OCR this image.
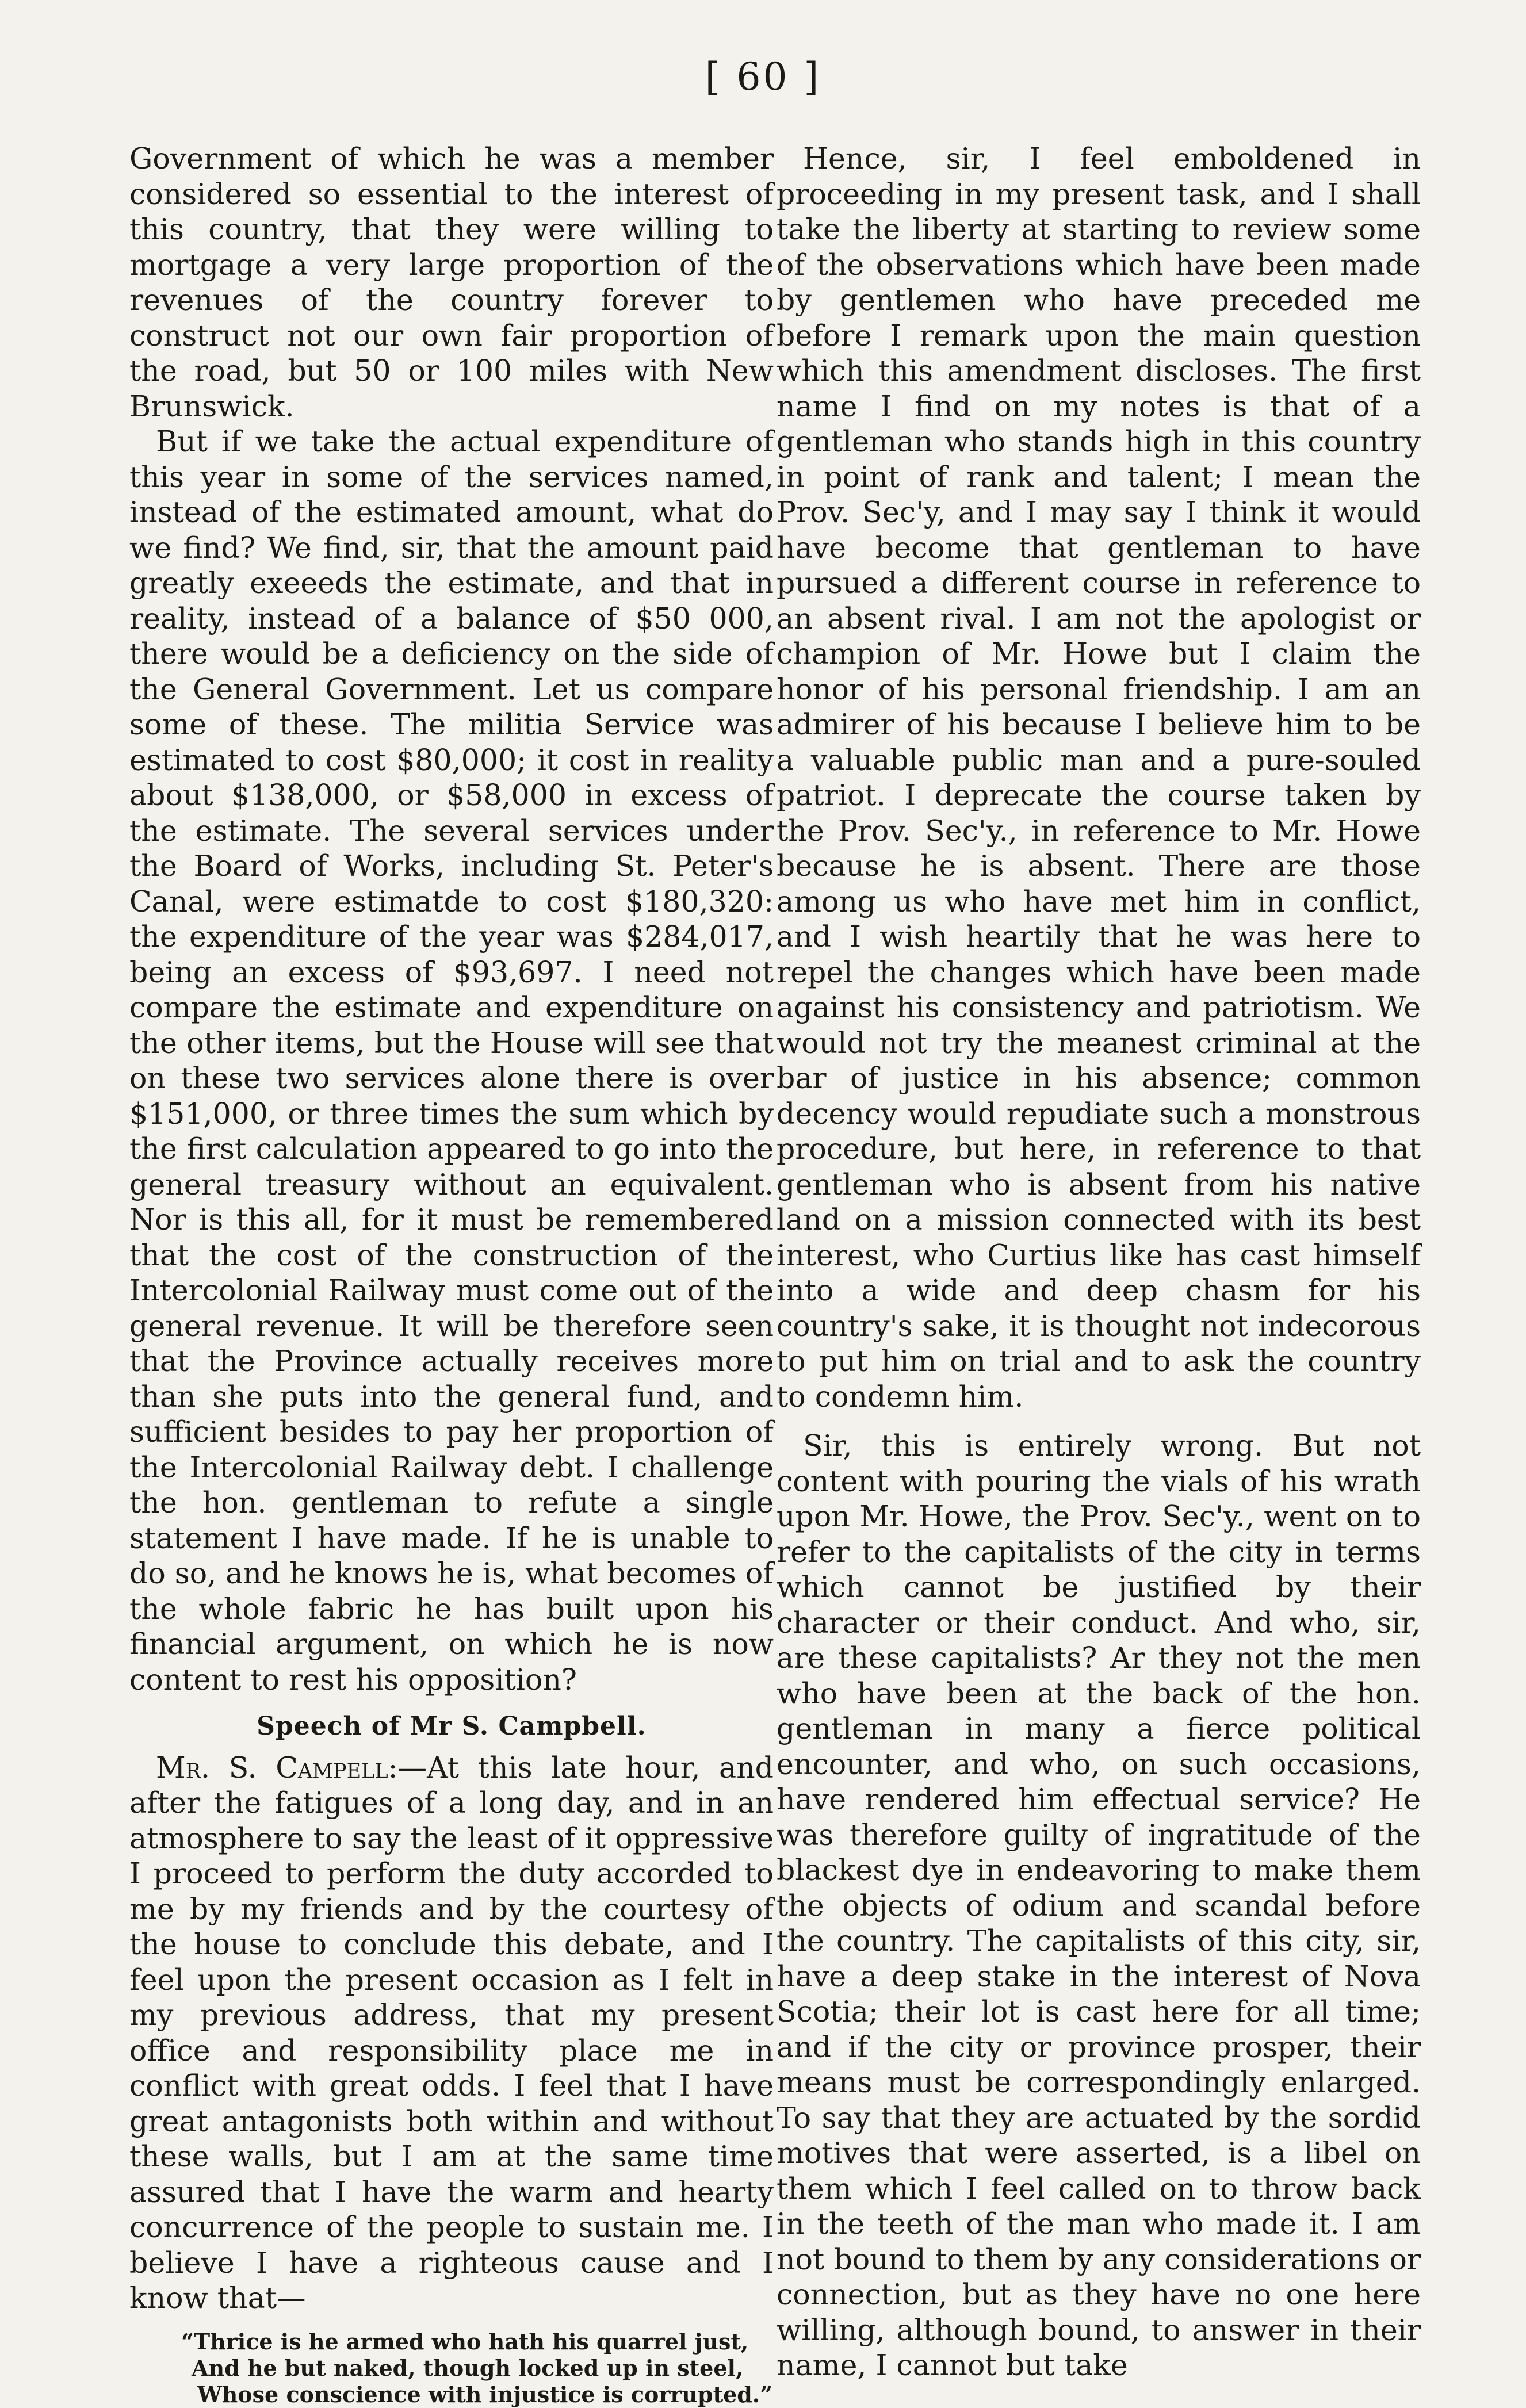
[ 60 ]

Government of which he was a member considered so essential to the interest of this country, that they were willing to mortgage a very large proportion of the revenues of the country forever to construct not our own fair proportion of the road, but 50 or 100 miles with New Brunswick.

But if we take the actual expenditure of this year in some of the services named, instead of the estimated amount, what do we find? We find, sir, that the amount paid greatly exeeeds the estimate, and that in reality, instead of a balance of $50 000, there would be a deficiency on the side of the General Government. Let us compare some of these. The militia Service was estimated to cost $80,000; it cost in reality about $138,000, or $58,000 in excess of the estimate. The several services under the Board of Works, including St. Peter's Canal, were estimatde to cost $180,320: the expenditure of the year was $284,017, being an excess of $93,697. I need not compare the estimate and expenditure on the other items, but the House will see that on these two services alone there is over $151,000, or three times the sum which by the first calculation appeared to go into the general treasury without an equivalent. Nor is this all, for it must be remembered that the cost of the construction of the Intercolonial Railway must come out of the general revenue. It will be therefore seen that the Province actually receives more than she puts into the general fund, and sufficient besides to pay her proportion of the Intercolonial Railway debt. I challenge the hon. gentleman to refute a single statement I have made. If he is unable to do so, and he knows he is, what becomes of the whole fabric he has built upon his financial argument, on which he is now content to rest his opposition?

Speech of Mr S. Campbell.

Mr. S. Campell:—At this late hour, and after the fatigues of a long day, and in an atmosphere to say the least of it oppressive I proceed to perform the duty accorded to me by my friends and by the courtesy of the house to conclude this debate, and I feel upon the present occasion as I felt in my previous address, that my present office and responsibility place me in conflict with great odds. I feel that I have great antagonists both within and without these walls, but I am at the same time assured that I have the warm and hearty concurrence of the people to sustain me. I believe I have a righteous cause and I know that—

“Thrice is he armed who hath his quarrel just,
And he but naked, though locked up in steel,
Whose conscience with injustice is corrupted.”

Hence, sir, I feel emboldened in proceeding in my present task, and I shall take the liberty at starting to review some of the observations which have been made by gentlemen who have preceded me before I remark upon the main question which this amendment discloses. The first name I find on my notes is that of a gentleman who stands high in this country in point of rank and talent; I mean the Prov. Sec'y, and I may say I think it would have become that gentleman to have pursued a different course in reference to an absent rival. I am not the apologist or champion of Mr. Howe but I claim the honor of his personal friendship. I am an admirer of his because I believe him to be a valuable public man and a pure-souled patriot. I deprecate the course taken by the Prov. Sec'y., in reference to Mr. Howe because he is absent. There are those among us who have met him in conflict, and I wish heartily that he was here to repel the changes which have been made against his consistency and patriotism. We would not try the meanest criminal at the bar of justice in his absence; common decency would repudiate such a monstrous procedure, but here, in reference to that gentleman who is absent from his native land on a mission connected with its best interest, who Curtius like has cast himself into a wide and deep chasm for his country's sake, it is thought not indecorous to put him on trial and to ask the country to condemn him.

Sir, this is entirely wrong. But not content with pouring the vials of his wrath upon Mr. Howe, the Prov. Sec'y., went on to refer to the capitalists of the city in terms which cannot be justified by their character or their conduct. And who, sir, are these capitalists? Ar they not the men who have been at the back of the hon. gentleman in many a fierce political encounter, and who, on such occasions, have rendered him effectual service? He was therefore guilty of ingratitude of the blackest dye in endeavoring to make them the objects of odium and scandal before the country. The capitalists of this city, sir, have a deep stake in the interest of Nova Scotia; their lot is cast here for all time; and if the city or province prosper, their means must be correspondingly enlarged. To say that they are actuated by the sordid motives that were asserted, is a libel on them which I feel called on to throw back in the teeth of the man who made it. I am not bound to them by any considerations or connection, but as they have no one here willing, although bound, to answer in their name, I cannot but take
